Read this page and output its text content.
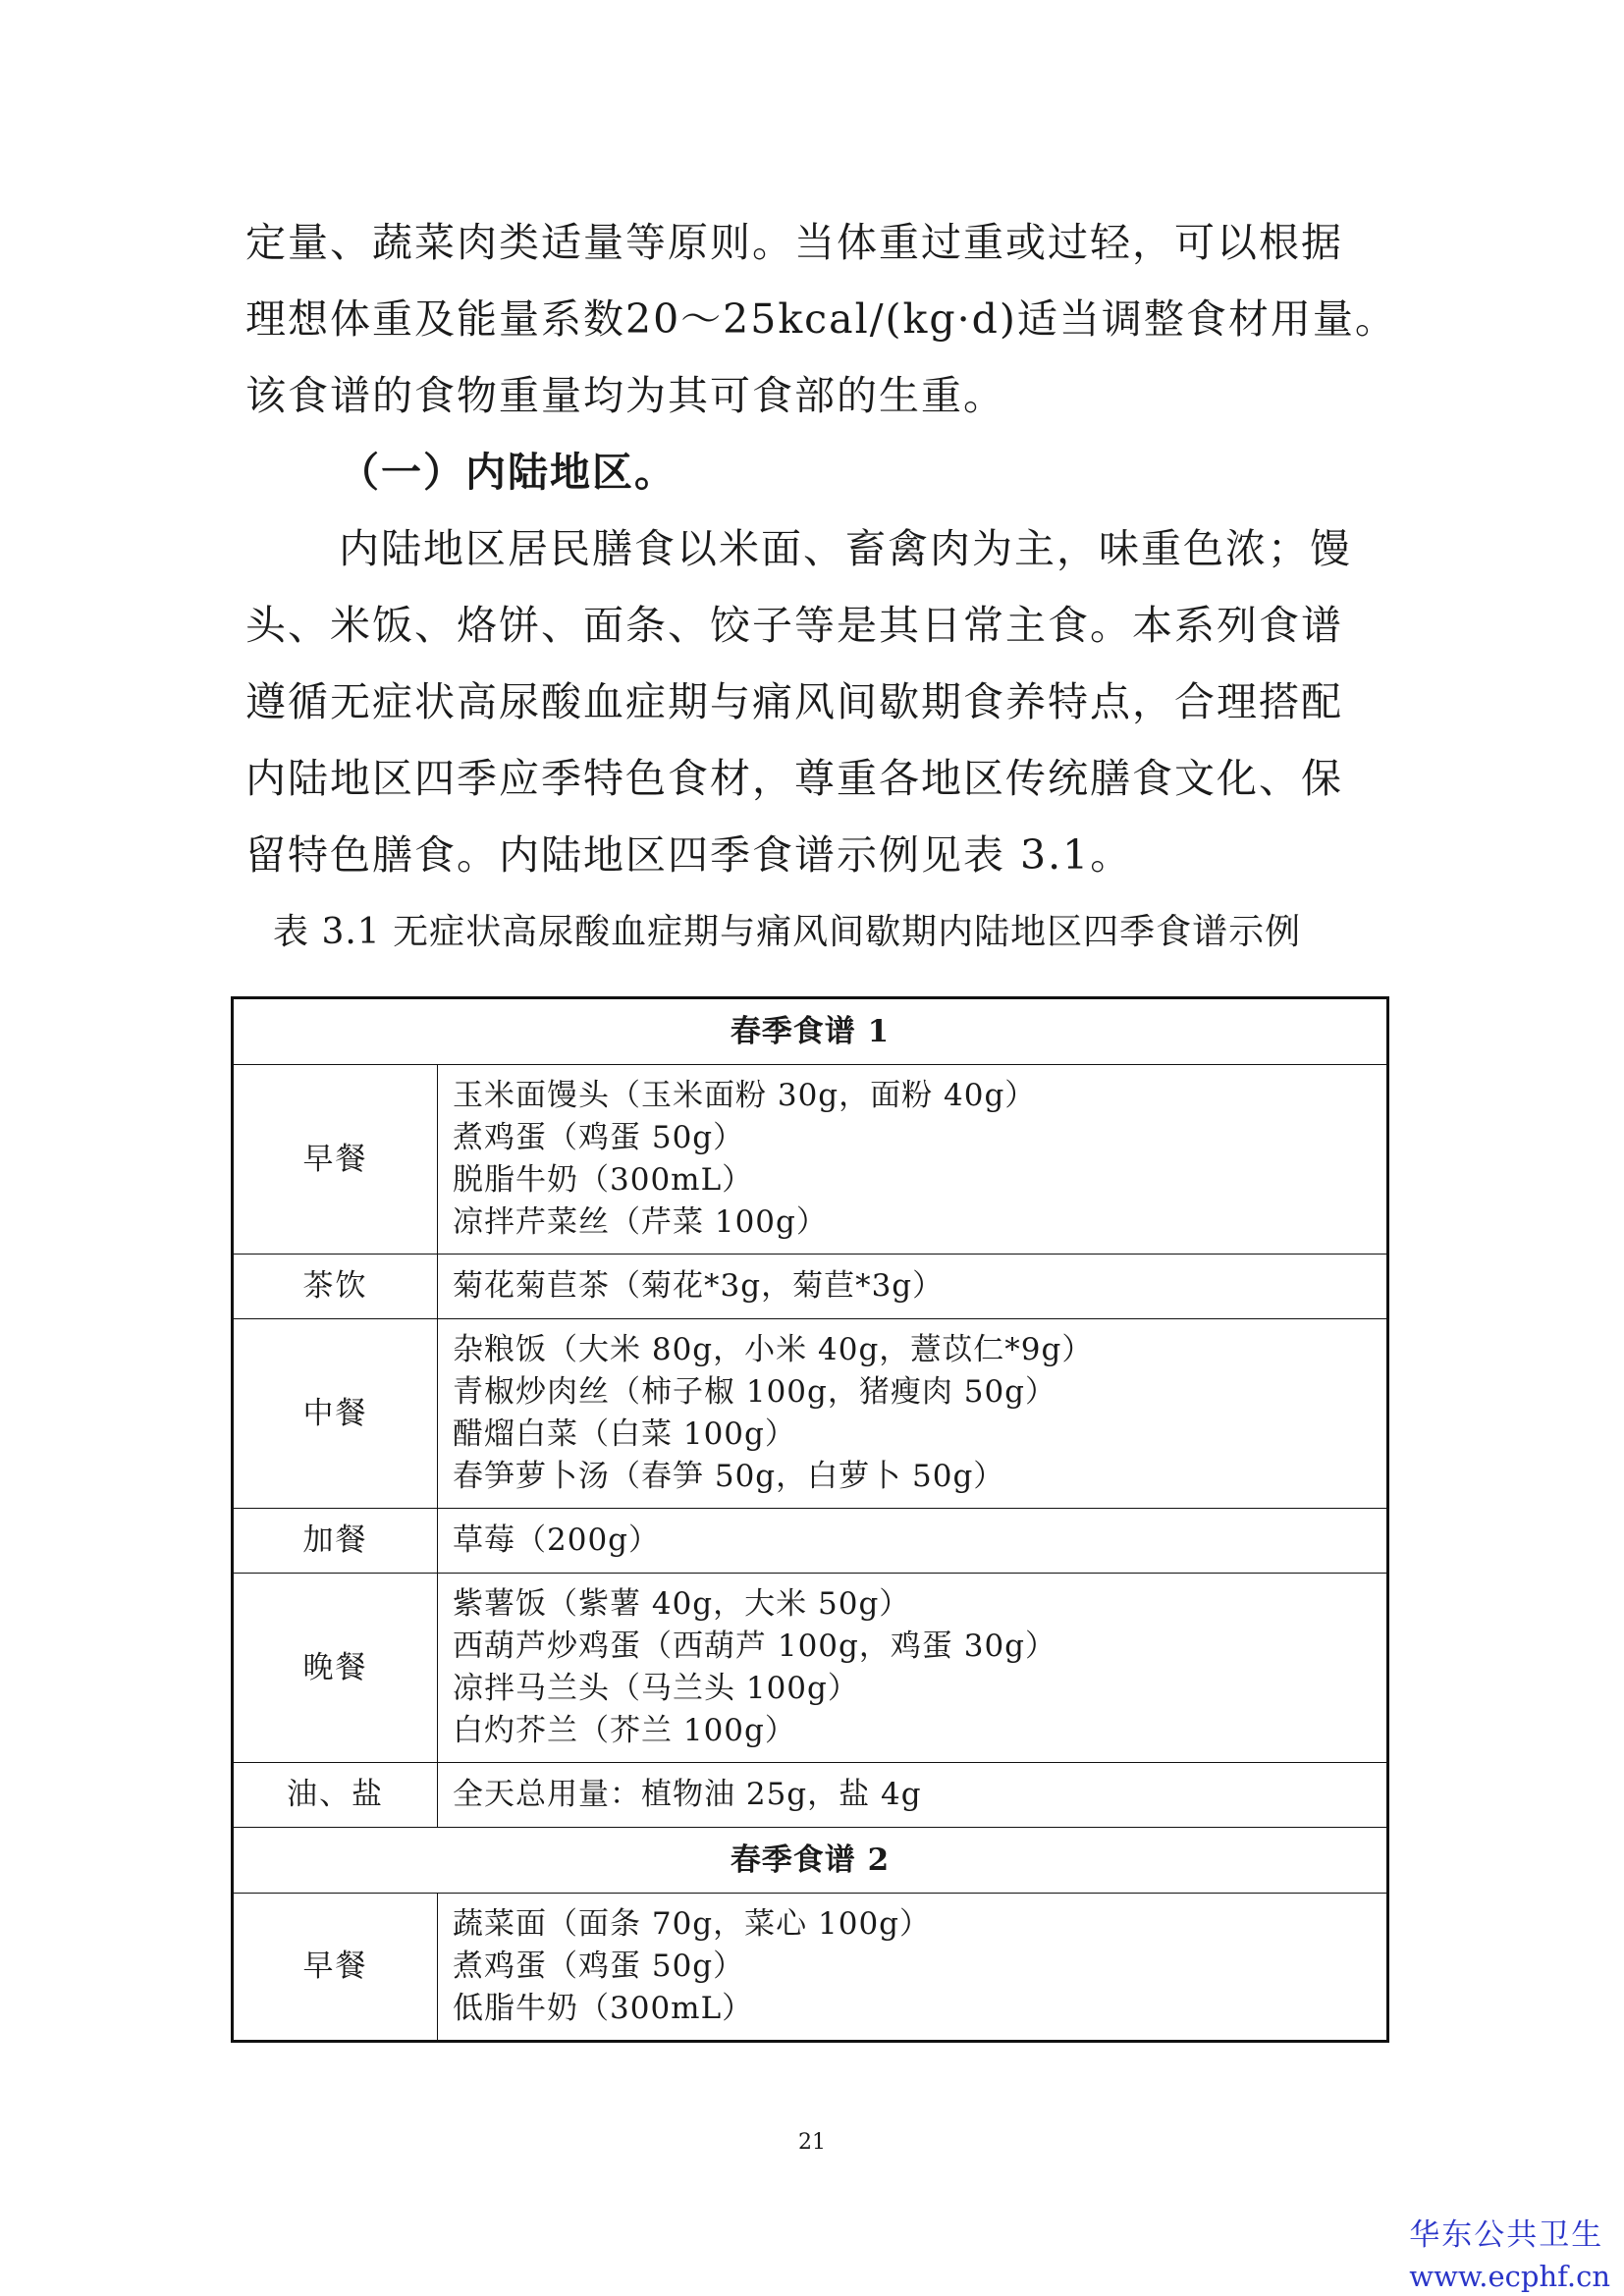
定量、蔬菜肉类适量等原则。当体重过重或过轻，可以根据
理想体重及能量系数20～25kcal/(kg·d)适当调整食材用量。
该食谱的食物重量均为其可食部的生重。
（一）内陆地区。
内陆地区居民膳食以米面、畜禽肉为主，味重色浓；馒
头、米饭、烙饼、面条、饺子等是其日常主食。本系列食谱
遵循无症状高尿酸血症期与痛风间歇期食养特点，合理搭配
内陆地区四季应季特色食材，尊重各地区传统膳食文化、保
留特色膳食。内陆地区四季食谱示例见表 3.1。
表 3.1 无症状高尿酸血症期与痛风间歇期内陆地区四季食谱示例
春季食谱 1	
早餐	玉米面馒头（玉米面粉 30g，面粉 40g）
煮鸡蛋（鸡蛋 50g）
脱脂牛奶（300mL）
凉拌芹菜丝（芹菜 100g）

茶饮	菊花菊苣茶（菊花*3g，菊苣*3g）

中餐	杂粮饭（大米 80g，小米 40g，薏苡仁*9g）
青椒炒肉丝（柿子椒 100g，猪瘦肉 50g）
醋熘白菜（白菜 100g）
春笋萝卜汤（春笋 50g，白萝卜 50g）

加餐	草莓（200g）

晚餐	紫薯饭（紫薯 40g，大米 50g）
西葫芦炒鸡蛋（西葫芦 100g，鸡蛋 30g）
凉拌马兰头（马兰头 100g）
白灼芥兰（芥兰 100g）

油、盐	全天总用量：植物油 25g，盐 4g

春季食谱 2	
早餐	蔬菜面（面条 70g，菜心 100g）
煮鸡蛋（鸡蛋 50g）
低脂牛奶（300mL）
21
华东公共卫生
www.ecphf.cn
